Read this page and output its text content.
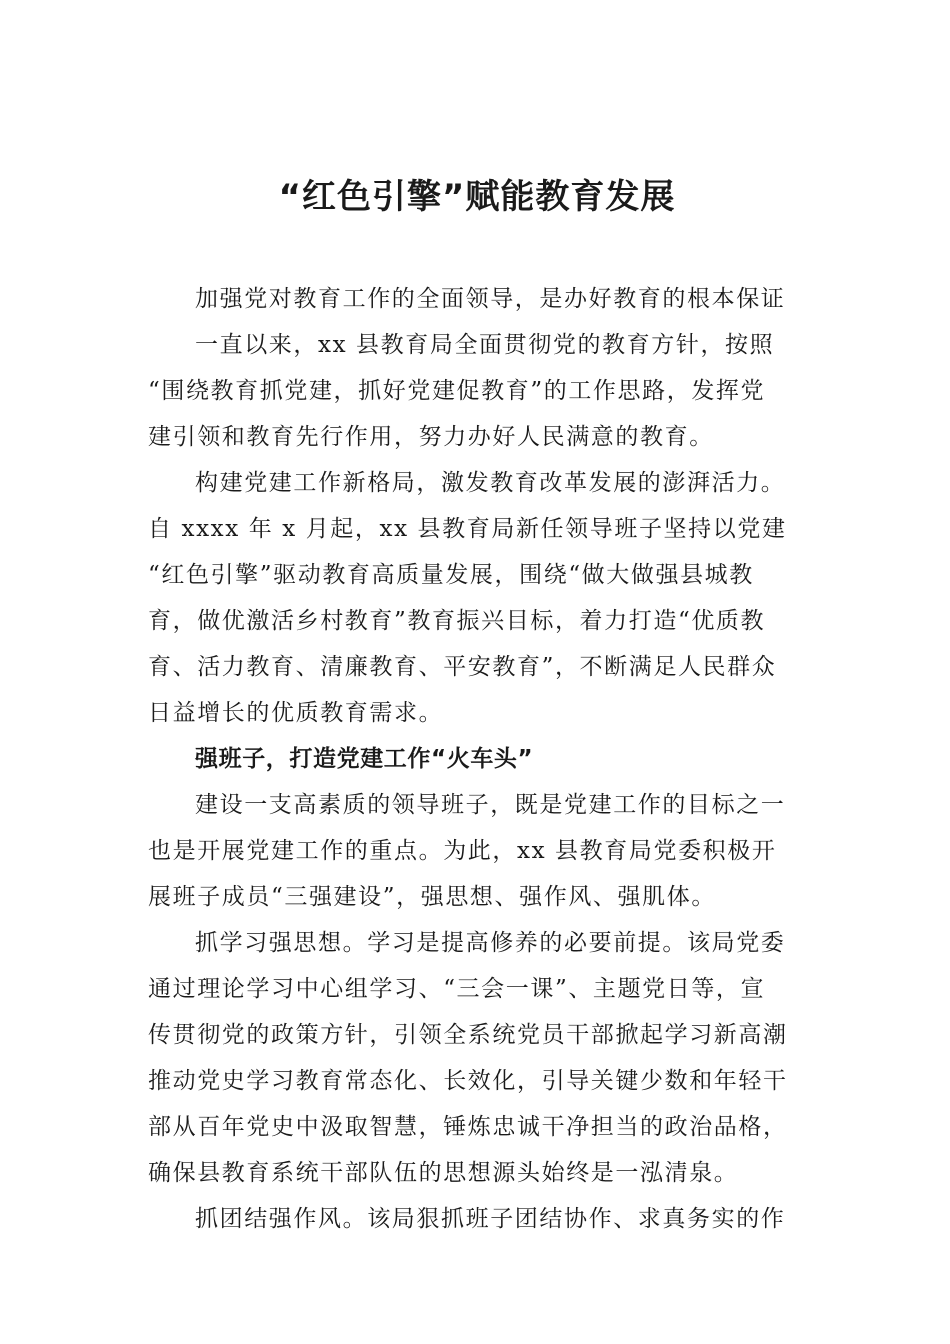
“红色引擎”赋能教育发展
加强党对教育工作的全面领导，是办好教育的根本保证
一直以来，xx 县教育局全面贯彻党的教育方针，按照
“围绕教育抓党建，抓好党建促教育”的工作思路，发挥党
建引领和教育先行作用，努力办好人民满意的教育。
构建党建工作新格局，激发教育改革发展的澎湃活力。
自 xxxx 年 x 月起，xx 县教育局新任领导班子坚持以党建
“红色引擎”驱动教育高质量发展，围绕“做大做强县城教
育，做优激活乡村教育”教育振兴目标，着力打造“优质教
育、活力教育、清廉教育、平安教育”，不断满足人民群众
日益增长的优质教育需求。
强班子，打造党建工作“火车头”
建设一支高素质的领导班子，既是党建工作的目标之一
也是开展党建工作的重点。为此，xx 县教育局党委积极开
展班子成员“三强建设”，强思想、强作风、强肌体。
抓学习强思想。学习是提高修养的必要前提。该局党委
通过理论学习中心组学习、“三会一课”、主题党日等，宣
传贯彻党的政策方针，引领全系统党员干部掀起学习新高潮
推动党史学习教育常态化、长效化，引导关键少数和年轻干
部从百年党史中汲取智慧，锤炼忠诚干净担当的政治品格，
确保县教育系统干部队伍的思想源头始终是一泓清泉。
抓团结强作风。该局狠抓班子团结协作、求真务实的作
